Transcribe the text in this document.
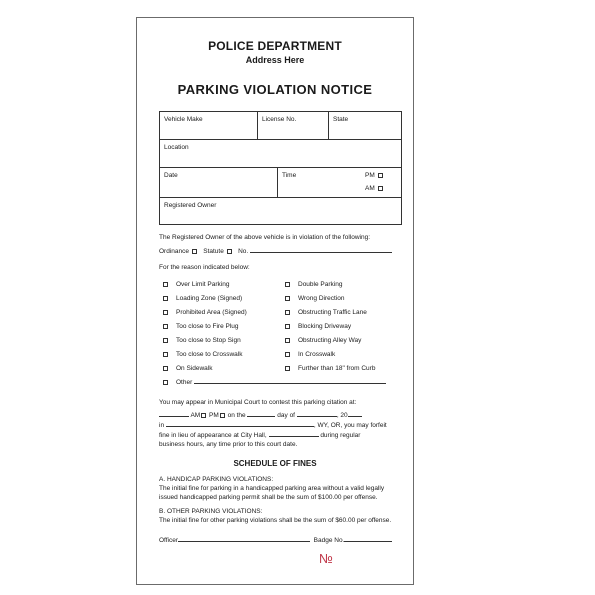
POLICE DEPARTMENT
Address Here
PARKING VIOLATION NOTICE
Vehicle Make	License No.	State
Location
Date	Time	PM
AM
Registered Owner
The Registered Owner of the above vehicle is in violation of the following:
Ordinance Statute No.
For the reason indicated below:
Over Limit Parking
Loading Zone (Signed)
Prohibited Area (Signed)
Too close to Fire Plug
Too close to Stop Sign
Too close to Crosswalk
On Sidewalk
Other
Double Parking
Wrong Direction
Obstructing Traffic Lane
Blocking Driveway
Obstructing Alley Way
In Crosswalk
Further than 18" from Curb
You may appear in Municipal Court to contest this parking citation at:
AM PM on the	day of	, 20
in	, WY, OR, you may forfeit
fine in lieu of appearance at City Hall,	during regular
business hours, any time prior to this court date.
SCHEDULE OF FINES
A. HANDICAP PARKING VIOLATIONS:
The initial fine for parking in a handicapped parking area without a valid legally
issued handicapped parking permit shall be the sum of $100.00 per offense.
B. OTHER PARKING VIOLATIONS:
The initial fine for other parking violations shall be the sum of $60.00 per offense.
Officer	Badge No.
№
